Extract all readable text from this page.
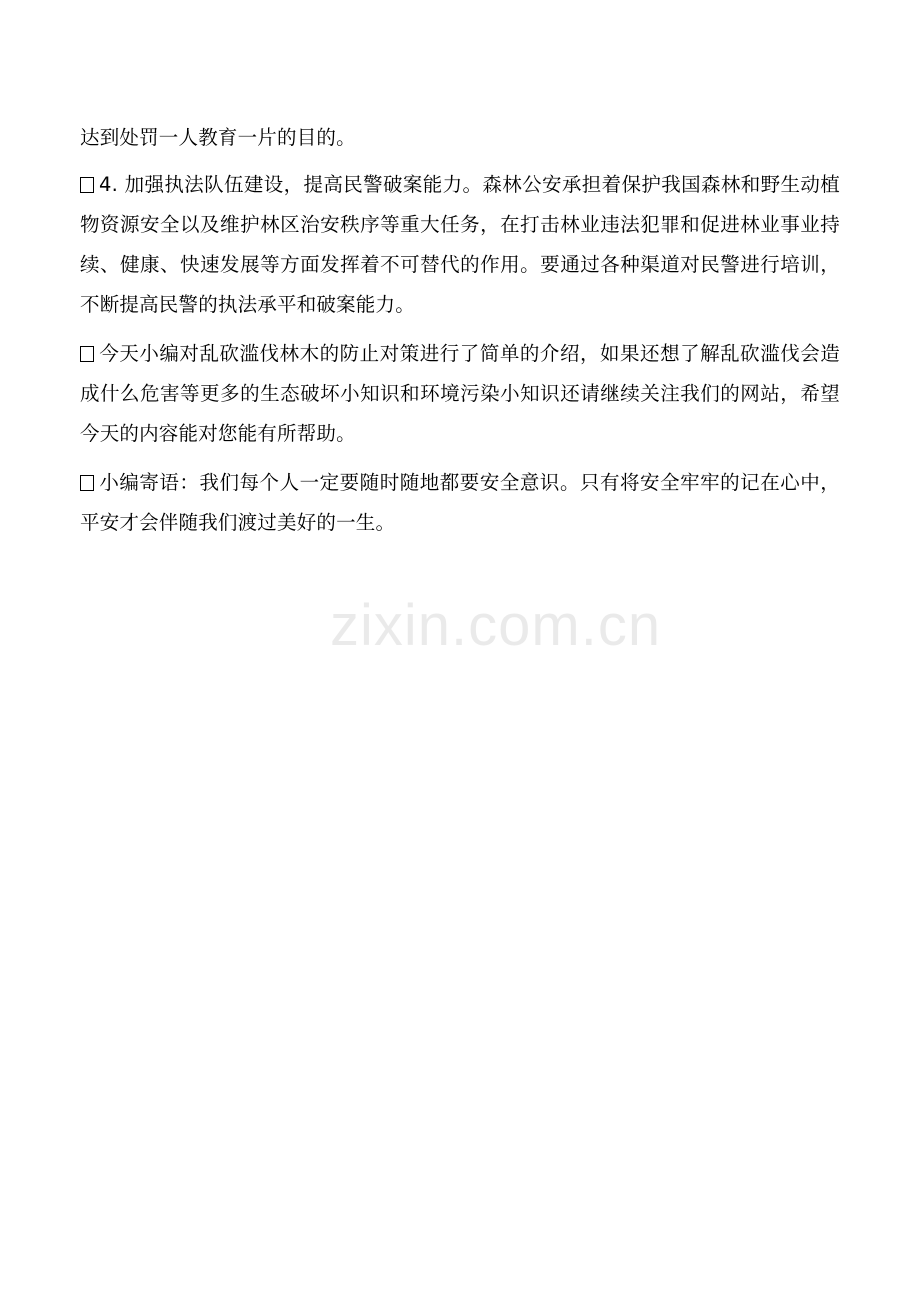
zixin.com.cn

达到处罚一人教育一片的目的。

4. 加强执法队伍建设，提高民警破案能力。森林公安承担着保护我国森林和野生动植物资源安全以及维护林区治安秩序等重大任务，在打击林业违法犯罪和促进林业事业持续、健康、快速发展等方面发挥着不可替代的作用。要通过各种渠道对民警进行培训，不断提高民警的执法承平和破案能力。

今天小编对乱砍滥伐林木的防止对策进行了简单的介绍，如果还想了解乱砍滥伐会造成什么危害等更多的生态破坏小知识和环境污染小知识还请继续关注我们的网站，希望今天的内容能对您能有所帮助。

小编寄语：我们每个人一定要随时随地都要安全意识。只有将安全牢牢的记在心中，平安才会伴随我们渡过美好的一生。
